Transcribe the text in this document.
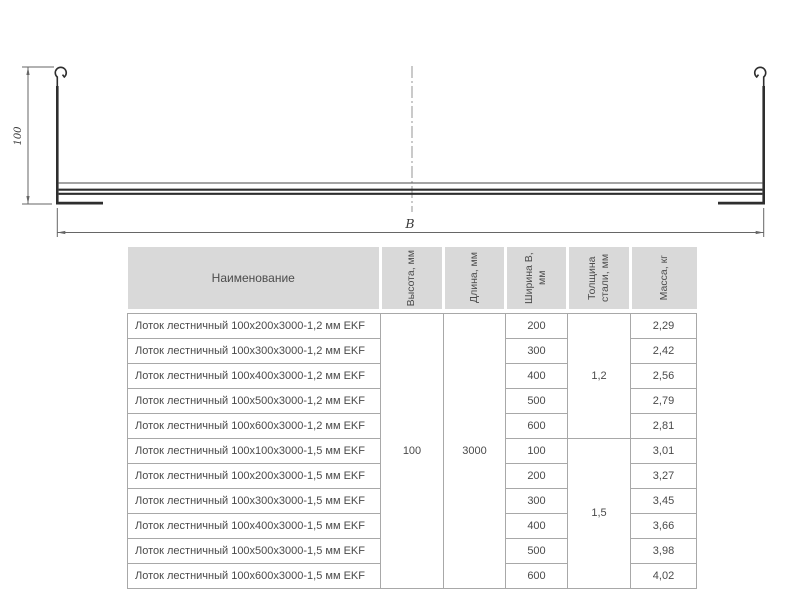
100
B
Наименование	Высота, мм	Длина, мм	Ширина В, мм	Толщина стали, мм	Масса, кг

Лоток лестничный 100х200х3000-1,2 мм EKF	100	3000	200	1,2	2,29
Лоток лестничный 100х300х3000-1,2 мм EKF			300		2,42
Лоток лестничный 100х400х3000-1,2 мм EKF			400		2,56
Лоток лестничный 100х500х3000-1,2 мм EKF			500		2,79
Лоток лестничный 100х600х3000-1,2 мм EKF			600		2,81
Лоток лестничный 100х100х3000-1,5 мм EKF			100	1,5	3,01
Лоток лестничный 100х200х3000-1,5 мм EKF			200		3,27
Лоток лестничный 100х300х3000-1,5 мм EKF			300		3,45
Лоток лестничный 100х400х3000-1,5 мм EKF			400		3,66
Лоток лестничный 100х500х3000-1,5 мм EKF			500		3,98
Лоток лестничный 100х600х3000-1,5 мм EKF			600		4,02
